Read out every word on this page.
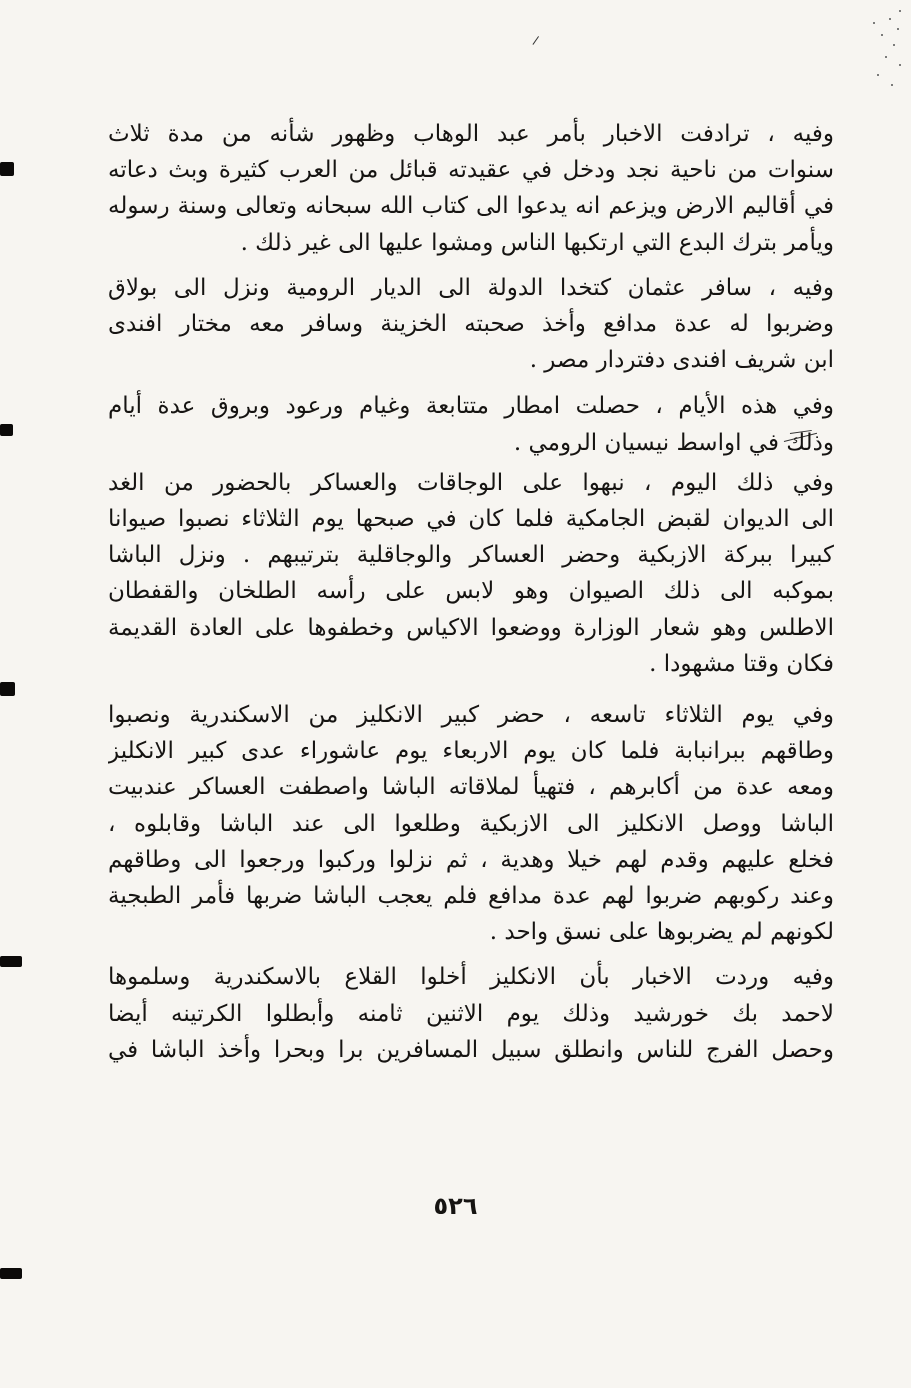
وفيه ، ترادفت الاخبار بأمر عبد الوهاب وظهور شأنه من مدة ثلاث
سنوات من ناحية نجد ودخل في عقيدته قبائل من العرب كثيرة وبث دعاته
في أقاليم الارض ويزعم انه يدعوا الى كتاب الله سبحانه وتعالى وسنة رسوله
ويأمر بترك البدع التي ارتكبها الناس ومشوا عليها الى غير ذلك .
وفيه ، سافر عثمان كتخدا الدولة الى الديار الرومية ونزل الى بولاق
وضربوا له عدة مدافع وأخذ صحبته الخزينة وسافر معه مختار افندى
ابن شريف افندى دفتردار مصر .
وفي هذه الأيام ، حصلت امطار متتابعة وغيام ورعود وبروق عدة أيام
وذلك في اواسط نيسيان الرومي .
وفي ذلك اليوم ، نبهوا على الوجاقات والعساكر بالحضور من الغد
الى الديوان لقبض الجامكية فلما كان في صبحها يوم الثلاثاء نصبوا صيوانا
كبيرا ببركة الازبكية وحضر العساكر والوجاقلية بترتيبهم . ونزل الباشا
بموكبه الى ذلك الصيوان وهو لابس على رأسه الطلخان والقفطان
الاطلس وهو شعار الوزارة ووضعوا الاكياس وخطفوها على العادة القديمة
فكان وقتا مشهودا .
وفي يوم الثلاثاء تاسعه ، حضر كبير الانكليز من الاسكندرية ونصبوا
وطاقهم ببرانبابة فلما كان يوم الاربعاء يوم عاشوراء عدى كبير الانكليز
ومعه عدة من أكابرهم ، فتهيأ لملاقاته الباشا واصطفت العساكر عندبيت
الباشا ووصل الانكليز الى الازبكية وطلعوا الى عند الباشا وقابلوه ،
فخلع عليهم وقدم لهم خيلا وهدية ، ثم نزلوا وركبوا ورجعوا الى وطاقهم
وعند ركوبهم ضربوا لهم عدة مدافع فلم يعجب الباشا ضربها فأمر الطبجية
لكونهم لم يضربوها على نسق واحد .
وفيه وردت الاخبار بأن الانكليز أخلوا القلاع بالاسكندرية وسلموها
لاحمد بك خورشيد وذلك يوم الاثنين ثامنه وأبطلوا الكرتينه أيضا
وحصل الفرج للناس وانطلق سبيل المسافرين برا وبحرا وأخذ الباشا في
٥٢٦
